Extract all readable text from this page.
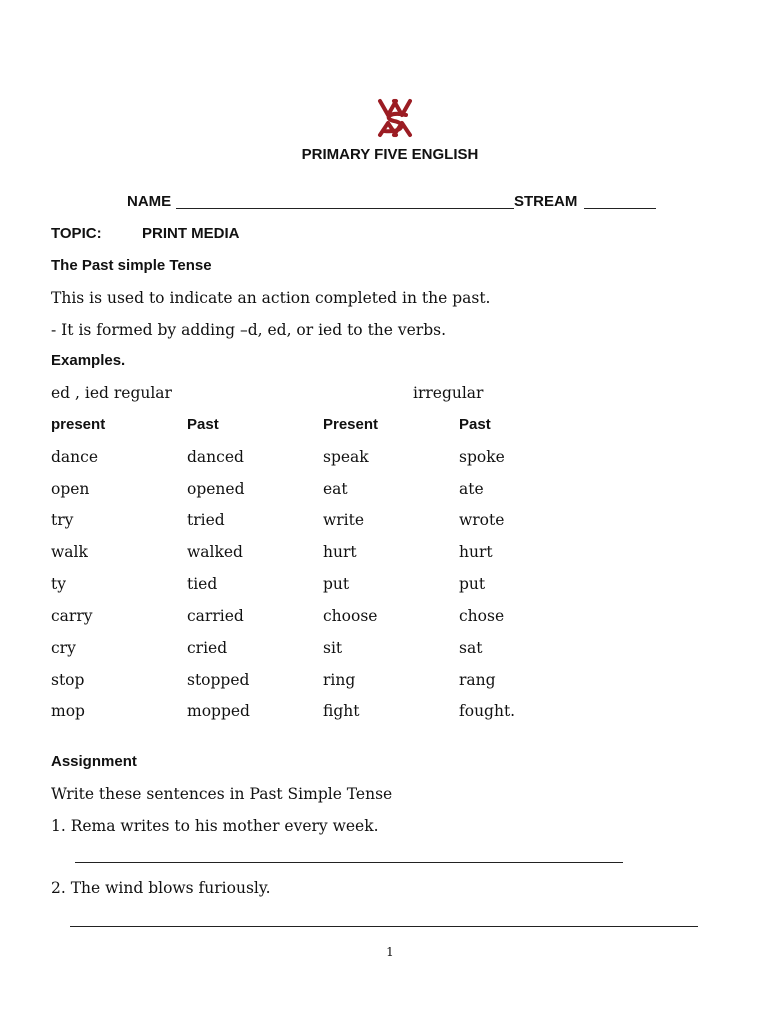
PRIMARY FIVE ENGLISH
NAME	STREAM
TOPIC:	PRINT MEDIA
The Past simple Tense
This is used to indicate an action completed in the past.
- It is formed by adding –d, ed, or ied to the verbs.
Examples.
ed , ied regular	irregular
present	Past	Present	Past
dance	danced	speak	spoke
open	opened	eat	ate
try	tried	write	wrote
walk	walked	hurt	hurt
ty	tied	put	put
carry	carried	choose	chose
cry	cried	sit	sat
stop	stopped	ring	rang
mop	mopped	fight	fought.
Assignment
Write these sentences in Past Simple Tense
1. Rema writes to his mother every week.
2. The wind blows furiously.
1
